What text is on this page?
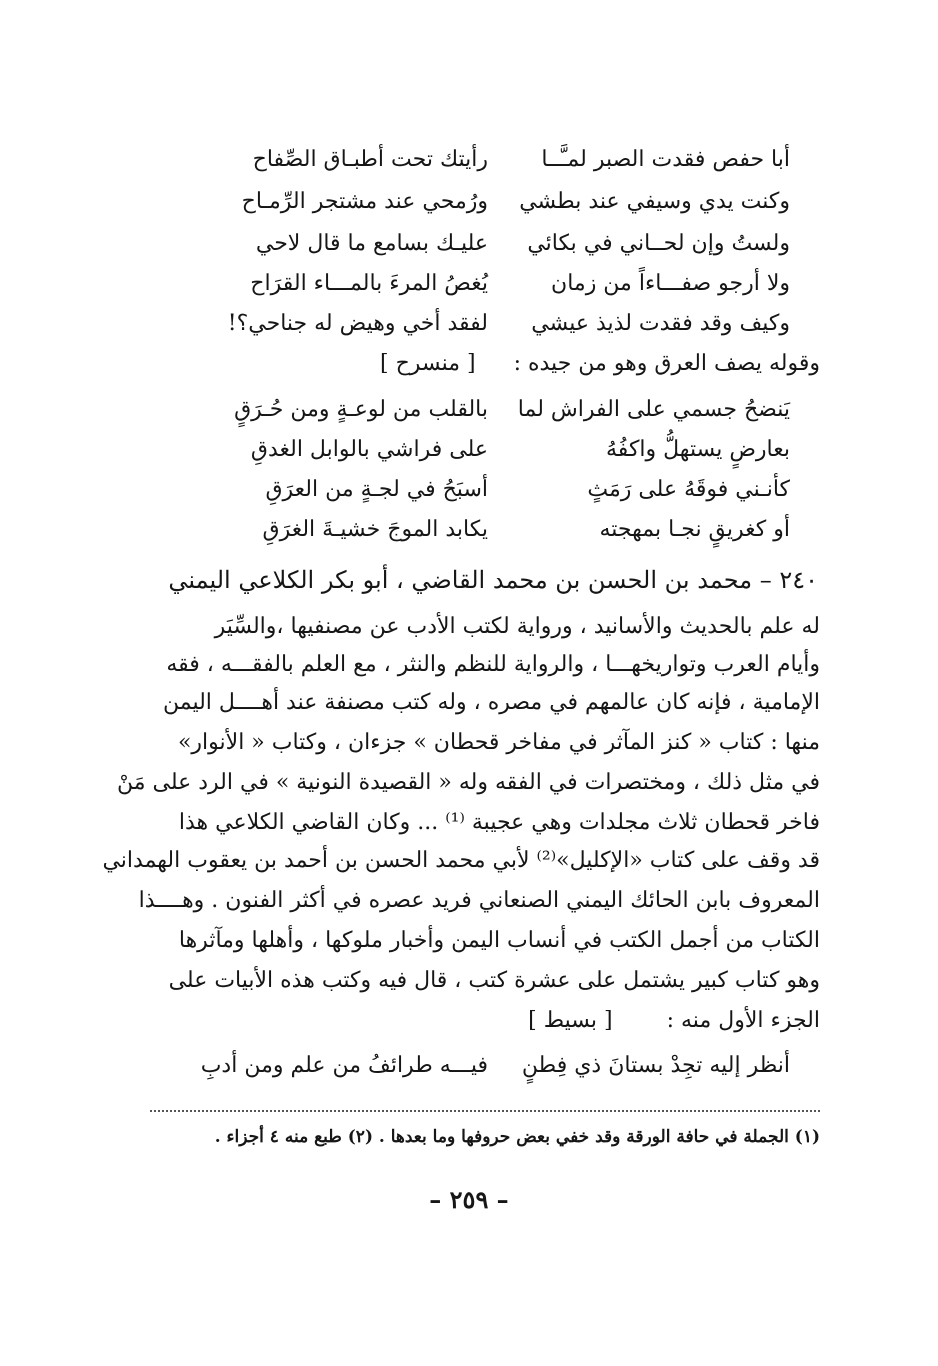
أبا حفص فقدت الصبر لمـَّــا
رأيتك تحت أطبـاق الصِّفاح
وكنت يدي وسيفي عند بطشي
ورُمحي عند مشتجر الرِّمـاح
ولستُ وإن لحــاني في بكائي
عليـك بسامع ما قال لاحي
ولا أرجو صفـــاءاً من زمان
يُغصُ المرءَ بالمـــاء القرَاح
وكيف وقد فقدت لذيذ عيشي
لفقد أخي وهيض له جناحي؟!
وقوله يصف العرق وهو من جيده :  [ منسرح ]
يَنضحُ جسمي على الفراش لما
بالقلب من لوعـةٍ ومن حُـرَقٍ
بعارضٍ يستهلُّ واكفُهُ
على فراشي بالوابل الغدقِ
كأنـني فوقَهُ على رَمَثٍ
أسبَحُ في لجـةٍ من العرَقِ
أو كغريقٍ نجـا بمهجته
يكابد الموجَ خشيـةَ الغرَقِ
٢٤٠ – محمد بن الحسن بن محمد القاضي ، أبو بكر الكلاعي اليمني
له علم بالحديث والأسانيد ، ورواية لكتب الأدب عن مصنفيها ،والسِّيَر
وأيام العرب وتواريخهـــا ، والرواية للنظم والنثر ، مع العلم بالفقـــه ، فقه
الإمامية ، فإنه كان عالمهم في مصره ، وله كتب مصنفة عند أهــــل اليمن
منها : كتاب « كنز المآثر في مفاخر قحطان » جزءان ، وكتاب « الأنوار»
في مثل ذلك ، ومختصرات في الفقه وله « القصيدة النونية » في الرد على مَنْ
فاخر قحطان ثلاث مجلدات وهي عجيبة ⁽¹⁾ ... وكان القاضي الكلاعي هذا
قد وقف على كتاب «الإكليل»⁽²⁾ لأبي محمد الحسن بن أحمد بن يعقوب الهمداني
المعروف بابن الحائك اليمني الصنعاني فريد عصره في أكثر الفنون . وهــــذا
الكتاب من أجمل الكتب في أنساب اليمن وأخبار ملوكها ، وأهلها ومآثرها
وهو كتاب كبير يشتمل على عشرة كتب ، قال فيه وكتب هذه الأبيات على
الجزء الأول منه :  [ بسيط ]
أنظر إليه تجِدْ بستانَ ذي فِطنٍ
فيـــه طرائفُ من علم ومن أدبِ
(١) الجملة في حافة الورقة وقد خفي بعض حروفها وما بعدها . (٢) طبع منه ٤ أجزاء .
– ٢٥٩ –
